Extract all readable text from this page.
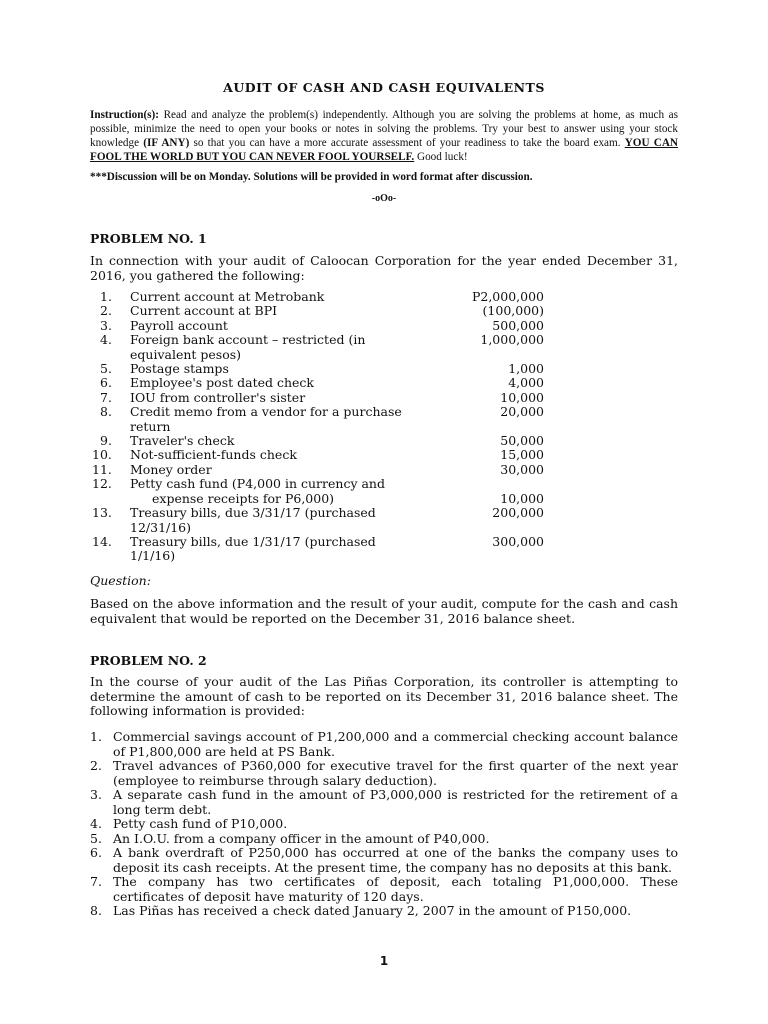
AUDIT OF CASH AND CASH EQUIVALENTS
Instruction(s): Read and analyze the problem(s) independently. Although you are solving the problems at home, as much as possible, minimize the need to open your books or notes in solving the problems. Try your best to answer using your stock knowledge (IF ANY) so that you can have a more accurate assessment of your readiness to take the board exam. YOU CAN FOOL THE WORLD BUT YOU CAN NEVER FOOL YOURSELF. Good luck!
***Discussion will be on Monday. Solutions will be provided in word format after discussion.
-oOo-
PROBLEM NO. 1
In connection with your audit of Caloocan Corporation for the year ended December 31, 2016, you gathered the following:
1. Current account at Metrobank	P2,000,000
2. Current account at BPI	(100,000)
3. Payroll account	500,000
4. Foreign bank account – restricted (in equivalent pesos)
1,000,000
5. Postage stamps	1,000
6. Employee's post dated check	4,000
7. IOU from controller's sister	10,000
8. Credit memo from a vendor for a purchase return
20,000
9. Traveler's check	50,000
10. Not-sufficient-funds check	15,000
11. Money order	30,000
12. Petty cash fund (P4,000 in currency and
expense receipts for P6,000)	10,000
13. Treasury bills, due 3/31/17 (purchased 12/31/16)
200,000
14. Treasury bills, due 1/31/17 (purchased 1/1/16)
300,000
Question:
Based on the above information and the result of your audit, compute for the cash and cash equivalent that would be reported on the December 31, 2016 balance sheet.
PROBLEM NO. 2
In the course of your audit of the Las Piñas Corporation, its controller is attempting to determine the amount of cash to be reported on its December 31, 2016 balance sheet. The following information is provided:
1. Commercial savings account of P1,200,000 and a commercial checking account balance of P1,800,000 are held at PS Bank.
2. Travel advances of P360,000 for executive travel for the first quarter of the next year (employee to reimburse through salary deduction).
3. A separate cash fund in the amount of P3,000,000 is restricted for the retirement of a long term debt.
4. Petty cash fund of P10,000.
5. An I.O.U. from a company officer in the amount of P40,000.
6. A bank overdraft of P250,000 has occurred at one of the banks the company uses to deposit its cash receipts. At the present time, the company has no deposits at this bank.
7. The company has two certificates of deposit, each totaling P1,000,000. These certificates of deposit have maturity of 120 days.
8. Las Piñas has received a check dated January 2, 2007 in the amount of P150,000.
1
